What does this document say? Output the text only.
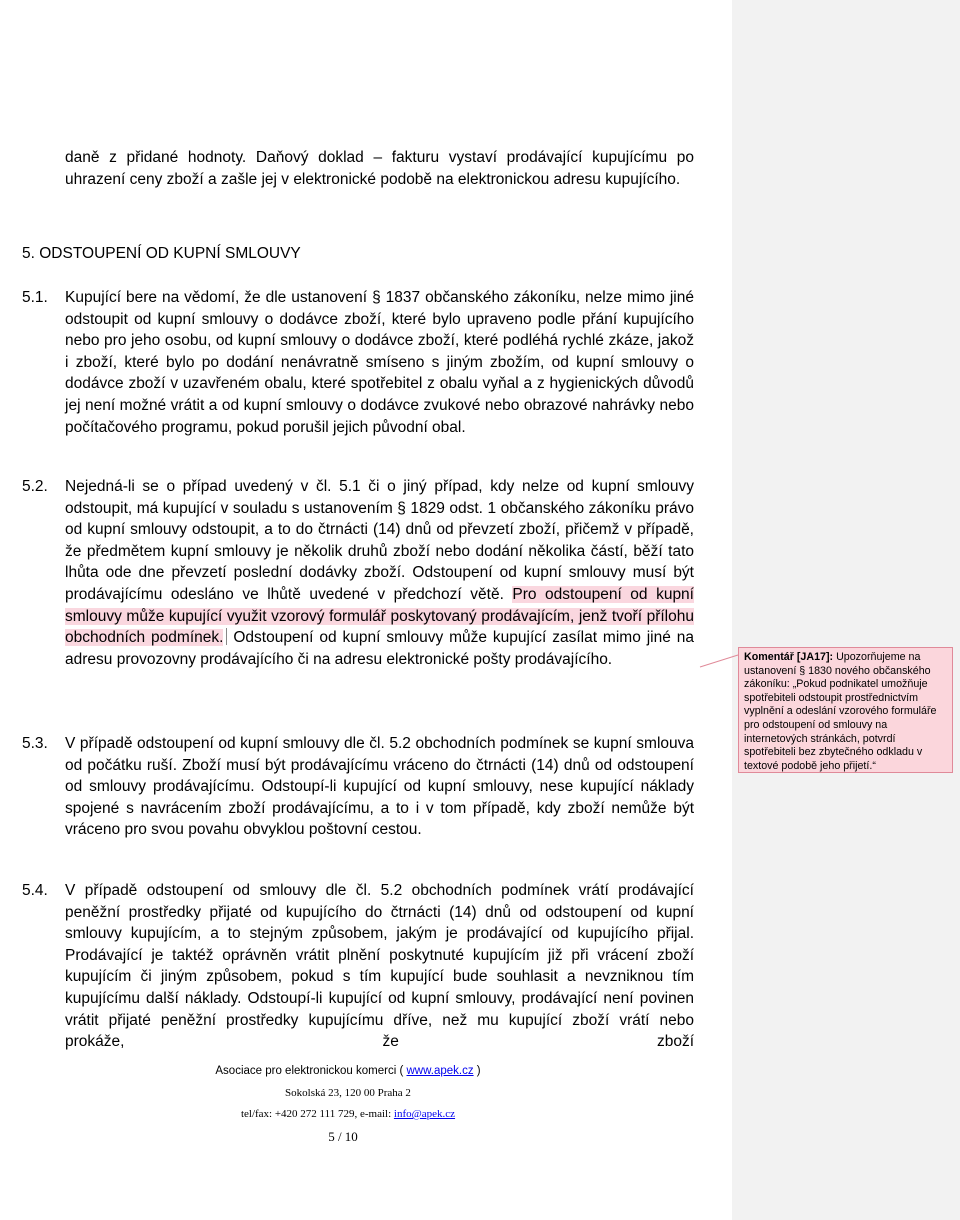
daně z přidané hodnoty. Daňový doklad – fakturu vystaví prodávající kupujícímu po uhrazení ceny zboží a zašle jej v elektronické podobě na elektronickou adresu kupujícího.
5. ODSTOUPENÍ OD KUPNÍ SMLOUVY
5.1. Kupující bere na vědomí, že dle ustanovení § 1837 občanského zákoníku, nelze mimo jiné odstoupit od kupní smlouvy o dodávce zboží, které bylo upraveno podle přání kupujícího nebo pro jeho osobu, od kupní smlouvy o dodávce zboží, které podléhá rychlé zkáze, jakož i zboží, které bylo po dodání nenávratně smíseno s jiným zbožím, od kupní smlouvy o dodávce zboží v uzavřeném obalu, které spotřebitel z obalu vyňal a z hygienických důvodů jej není možné vrátit a od kupní smlouvy o dodávce zvukové nebo obrazové nahrávky nebo počítačového programu, pokud porušil jejich původní obal.
5.2. Nejedná-li se o případ uvedený v čl. 5.1 či o jiný případ, kdy nelze od kupní smlouvy odstoupit, má kupující v souladu s ustanovením § 1829 odst. 1 občanského zákoníku právo od kupní smlouvy odstoupit, a to do čtrnácti (14) dnů od převzetí zboží, přičemž v případě, že předmětem kupní smlouvy je několik druhů zboží nebo dodání několika částí, běží tato lhůta ode dne převzetí poslední dodávky zboží. Odstoupení od kupní smlouvy musí být prodávajícímu odesláno ve lhůtě uvedené v předchozí větě. Pro odstoupení od kupní smlouvy může kupující využit vzorový formulář poskytovaný prodávajícím, jenž tvoří přílohu obchodních podmínek. Odstoupení od kupní smlouvy může kupující zasílat mimo jiné na adresu provozovny prodávajícího či na adresu elektronické pošty prodávajícího.
5.3. V případě odstoupení od kupní smlouvy dle čl. 5.2 obchodních podmínek se kupní smlouva od počátku ruší. Zboží musí být prodávajícímu vráceno do čtrnácti (14) dnů od odstoupení od smlouvy prodávajícímu. Odstoupí-li kupující od kupní smlouvy, nese kupující náklady spojené s navrácením zboží prodávajícímu, a to i v tom případě, kdy zboží nemůže být vráceno pro svou povahu obvyklou poštovní cestou.
5.4. V případě odstoupení od smlouvy dle čl. 5.2 obchodních podmínek vrátí prodávající peněžní prostředky přijaté od kupujícího do čtrnácti (14) dnů od odstoupení od kupní smlouvy kupujícím, a to stejným způsobem, jakým je prodávající od kupujícího přijal. Prodávající je taktéž oprávněn vrátit plnění poskytnuté kupujícím již při vrácení zboží kupujícím či jiným způsobem, pokud s tím kupující bude souhlasit a nevzniknou tím kupujícímu další náklady. Odstoupí-li kupující od kupní smlouvy, prodávající není povinen vrátit přijaté peněžní prostředky kupujícímu dříve, než mu kupující zboží vrátí nebo prokáže, že zboží
Asociace pro elektronickou komerci ( www.apek.cz )
Sokolská 23, 120 00 Praha 2
tel/fax: +420 272 111 729, e-mail: info@apek.cz
5 / 10
Komentář [JA17]: Upozorňujeme na ustanovení § 1830 nového občanského zákoníku: „Pokud podnikatel umožňuje spotřebiteli odstoupit prostřednictvím vyplnění a odeslání vzorového formuláře pro odstoupení od smlouvy na internetových stránkách, potvrdí spotřebiteli bez zbytečného odkladu v textové podobě jeho přijetí.“
